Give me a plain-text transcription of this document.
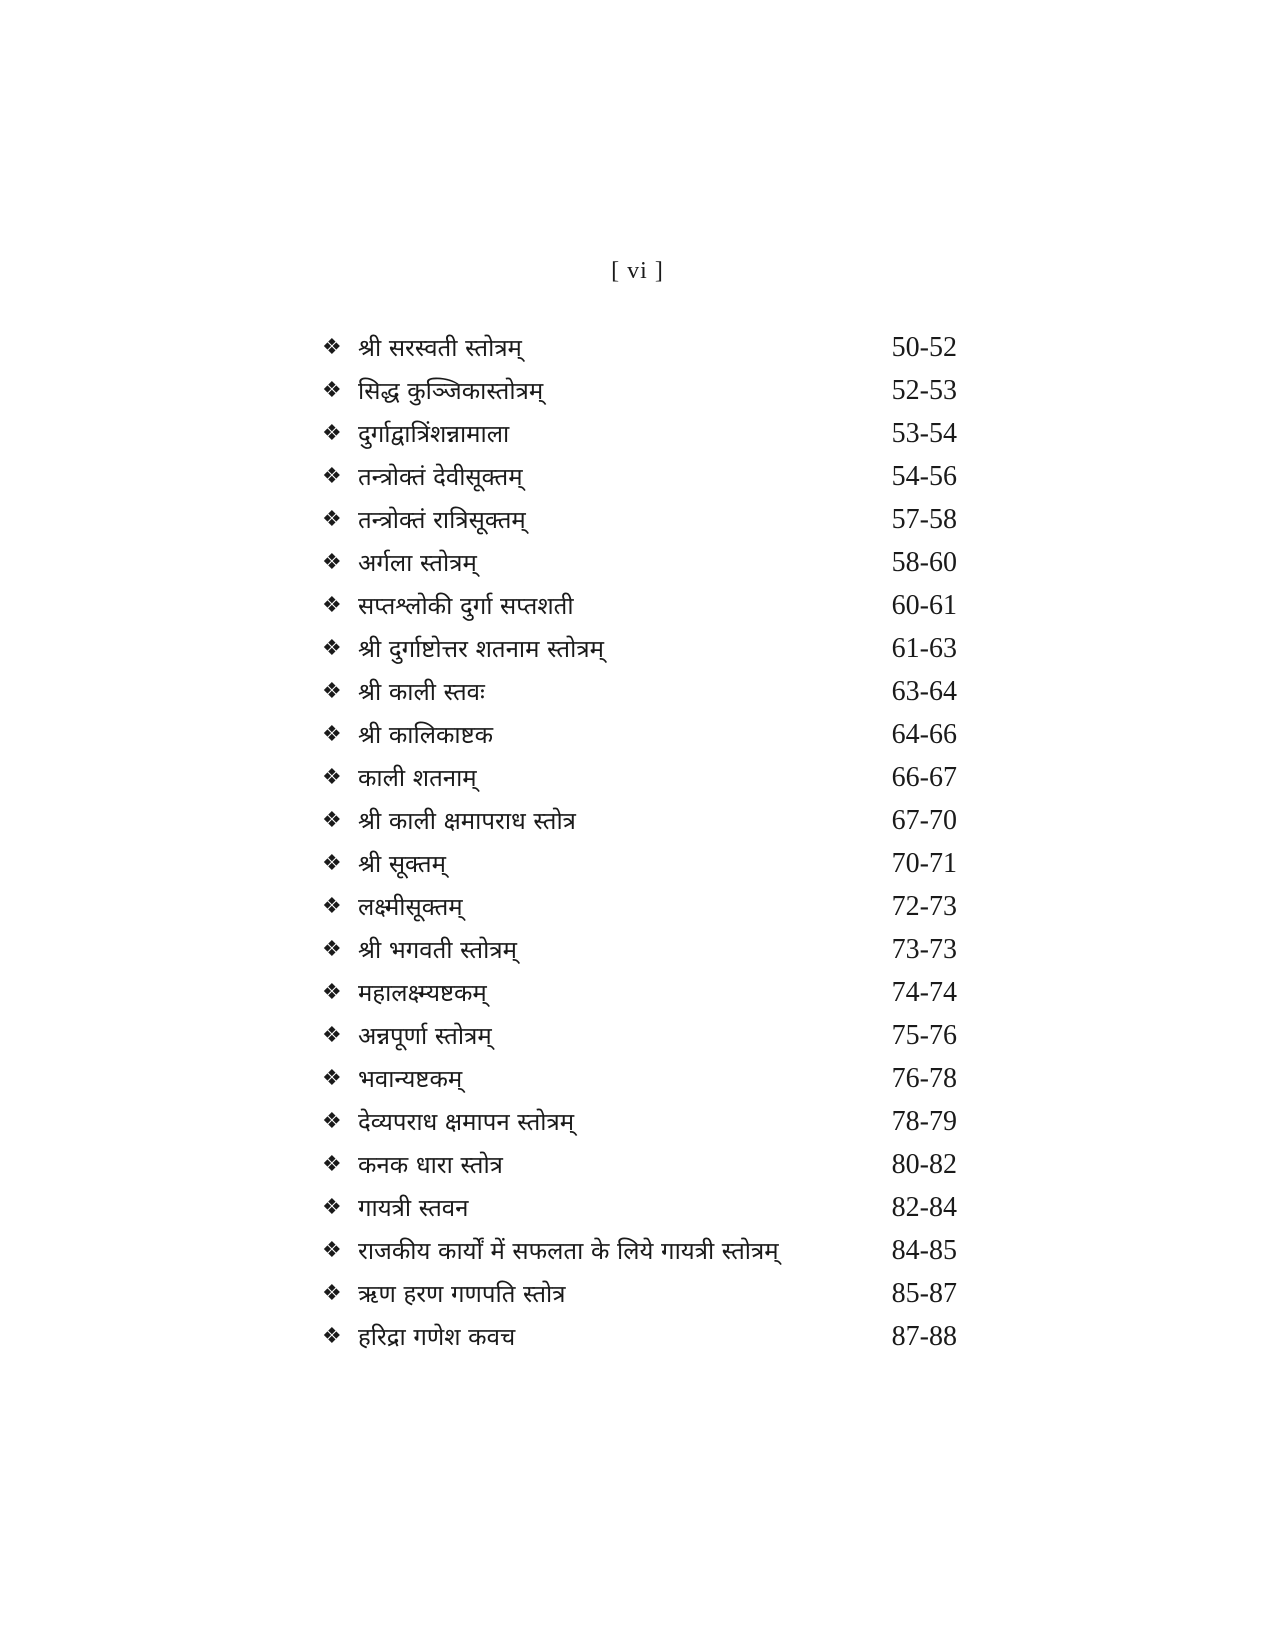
[ vi ]
❖ श्री सरस्वती स्तोत्रम्	50-52
❖ सिद्ध कुञ्जिकास्तोत्रम्	52-53
❖ दुर्गाद्वात्रिंशन्नामाला	53-54
❖ तन्त्रोक्तं देवीसूक्तम्	54-56
❖ तन्त्रोक्तं रात्रिसूक्तम्	57-58
❖ अर्गला स्तोत्रम्	58-60
❖ सप्तश्लोकी दुर्गा सप्तशती	60-61
❖ श्री दुर्गाष्टोत्तर शतनाम स्तोत्रम्	61-63
❖ श्री काली स्तवः	63-64
❖ श्री कालिकाष्टक	64-66
❖ काली शतनाम्	66-67
❖ श्री काली क्षमापराध स्तोत्र	67-70
❖ श्री सूक्तम्	70-71
❖ लक्ष्मीसूक्तम्	72-73
❖ श्री भगवती स्तोत्रम्	73-73
❖ महालक्ष्म्यष्टकम्	74-74
❖ अन्नपूर्णा स्तोत्रम्	75-76
❖ भवान्यष्टकम्	76-78
❖ देव्यपराध क्षमापन स्तोत्रम्	78-79
❖ कनक धारा स्तोत्र	80-82
❖ गायत्री स्तवन	82-84
❖ राजकीय कार्यों में सफलता के लिये गायत्री स्तोत्रम्	84-85
❖ ऋण हरण गणपति स्तोत्र	85-87
❖ हरिद्रा गणेश कवच	87-88
